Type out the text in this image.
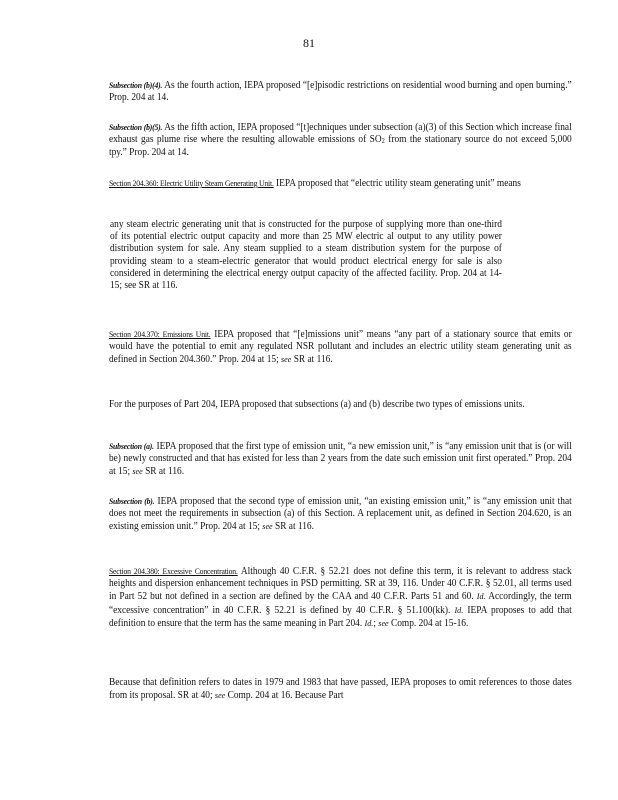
81

Subsection (b)(4). As the fourth action, IEPA proposed “[e]pisodic restrictions on residential wood burning and open burning.” Prop. 204 at 14.

Subsection (b)(5). As the fifth action, IEPA proposed “[t]echniques under subsection (a)(3) of this Section which increase final exhaust gas plume rise where the resulting allowable emissions of SO2 from the stationary source do not exceed 5,000 tpy.” Prop. 204 at 14.

Section 204.360: Electric Utility Steam Generating Unit. IEPA proposed that “electric utility steam generating unit” means

any steam electric generating unit that is constructed for the purpose of supplying more than one-third of its potential electric output capacity and more than 25 MW electric al output to any utility power distribution system for sale. Any steam supplied to a steam distribution system for the purpose of providing steam to a steam-electric generator that would product electrical energy for sale is also considered in determining the electrical energy output capacity of the affected facility. Prop. 204 at 14-15; see SR at 116.

Section 204.370: Emissions Unit. IEPA proposed that “[e]missions unit” means “any part of a stationary source that emits or would have the potential to emit any regulated NSR pollutant and includes an electric utility steam generating unit as defined in Section 204.360.” Prop. 204 at 15; see SR at 116.

For the purposes of Part 204, IEPA proposed that subsections (a) and (b) describe two types of emissions units.

Subsection (a). IEPA proposed that the first type of emission unit, “a new emission unit,” is “any emission unit that is (or will be) newly constructed and that has existed for less than 2 years from the date such emission unit first operated.” Prop. 204 at 15; see SR at 116.

Subsection (b). IEPA proposed that the second type of emission unit, “an existing emission unit,” is “any emission unit that does not meet the requirements in subsection (a) of this Section. A replacement unit, as defined in Section 204.620, is an existing emission unit.” Prop. 204 at 15; see SR at 116.

Section 204.380: Excessive Concentration. Although 40 C.F.R. § 52.21 does not define this term, it is relevant to address stack heights and dispersion enhancement techniques in PSD permitting. SR at 39, 116. Under 40 C.F.R. § 52.01, all terms used in Part 52 but not defined in a section are defined by the CAA and 40 C.F.R. Parts 51 and 60. Id. Accordingly, the term “excessive concentration” in 40 C.F.R. § 52.21 is defined by 40 C.F.R. § 51.100(kk). Id. IEPA proposes to add that definition to ensure that the term has the same meaning in Part 204. Id.; see Comp. 204 at 15-16.

Because that definition refers to dates in 1979 and 1983 that have passed, IEPA proposes to omit references to those dates from its proposal. SR at 40; see Comp. 204 at 16. Because Part
